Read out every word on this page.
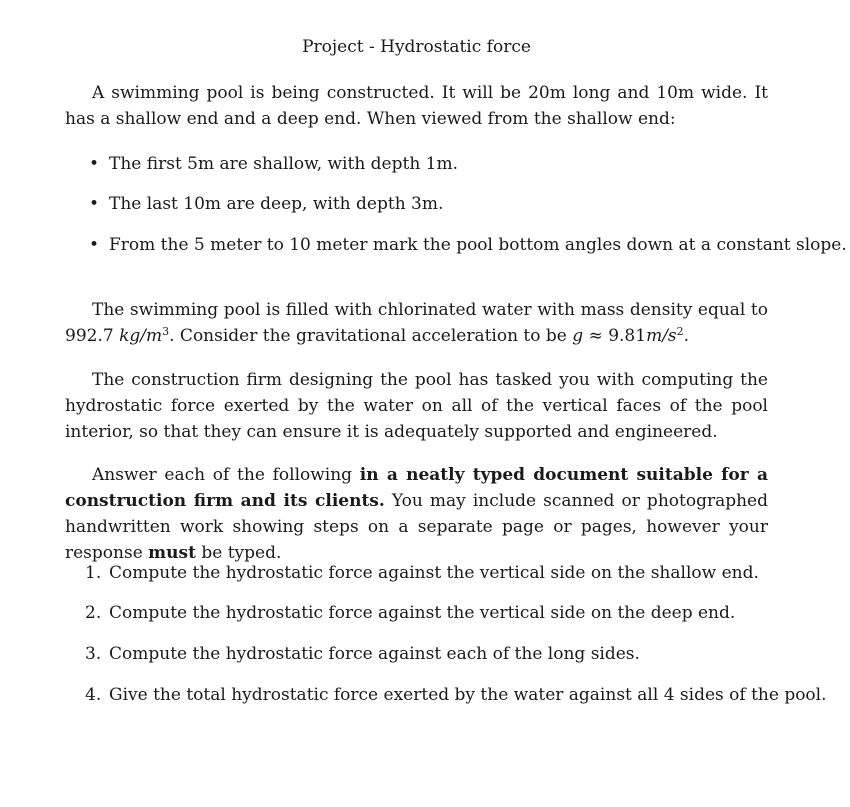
Project - Hydrostatic force

A swimming pool is being constructed. It will be 20m long and 10m wide. It has a shallow end and a deep end. When viewed from the shallow end:

• The first 5m are shallow, with depth 1m.
• The last 10m are deep, with depth 3m.
• From the 5 meter to 10 meter mark the pool bottom angles down at a constant slope.

The swimming pool is filled with chlorinated water with mass density equal to 992.7 $kg/m^3$. Consider the gravitational acceleration to be $g \approx 9.81m/s^2$.

The construction firm designing the pool has tasked you with computing the hydrostatic force exerted by the water on all of the vertical faces of the pool interior, so that they can ensure it is adequately supported and engineered.

Answer each of the following in a neatly typed document suitable for a construction firm and its clients. You may include scanned or photographed handwritten work showing steps on a separate page or pages, however your response must be typed.

1. Compute the hydrostatic force against the vertical side on the shallow end.
2. Compute the hydrostatic force against the vertical side on the deep end.
3. Compute the hydrostatic force against each of the long sides.
4. Give the total hydrostatic force exerted by the water against all 4 sides of the pool.
